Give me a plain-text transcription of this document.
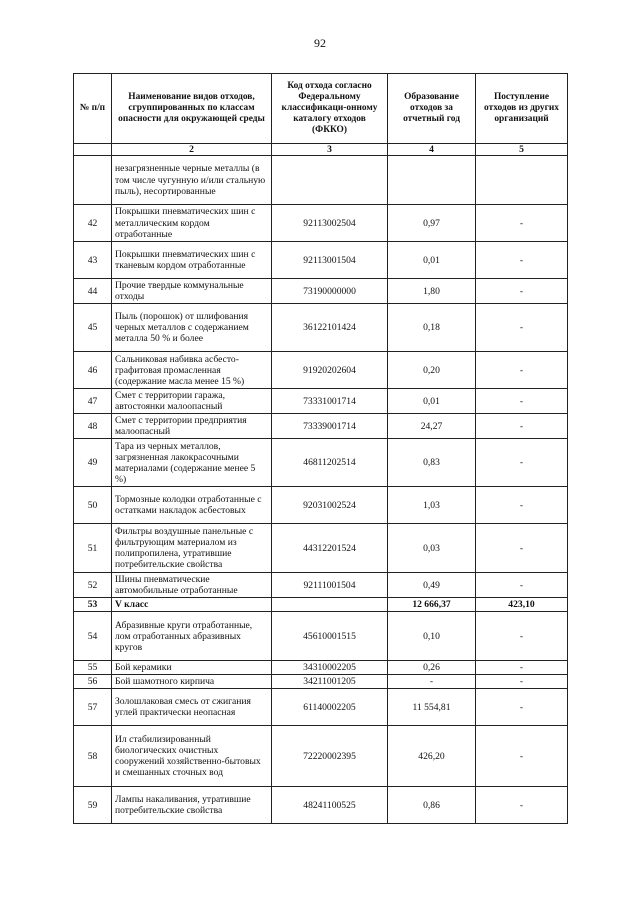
92
№ п/п	Наименование видов отходов, сгруппированных по классам опасности для окружающей среды	Код отхода согласно Федеральному классификаци-онному каталогу отходов (ФККО)	Образование отходов за отчетный год	Поступление отходов из других организаций
	2	3	4	5
	незагрязненные черные металлы (в том числе чугунную и/или стальную пыль), несортированные			
42	Покрышки пневматических шин с металлическим кордом отработанные	92113002504	0,97	-
43	Покрышки пневматических шин с тканевым кордом отработанные	92113001504	0,01	-
44	Прочие твердые коммунальные отходы	73190000000	1,80	-
45	Пыль (порошок) от шлифования черных металлов с содержанием металла 50 % и более	36122101424	0,18	-
46	Сальниковая набивка асбесто-графитовая промасленная (содержание масла менее 15 %)	91920202604	0,20	-
47	Смет с территории гаража, автостоянки малоопасный	73331001714	0,01	-
48	Смет с территории предприятия малоопасный	73339001714	24,27	-
49	Тара из черных металлов, загрязненная лакокрасочными материалами (содержание менее 5 %)	46811202514	0,83	-
50	Тормозные колодки отработанные с остатками накладок асбестовых	92031002524	1,03	-
51	Фильтры воздушные панельные с фильтрующим материалом из полипропилена, утратившие потребительские свойства	44312201524	0,03	-
52	Шины пневматические автомобильные отработанные	92111001504	0,49	-
53	V класс		12 666,37	423,10
54	Абразивные круги отработанные, лом отработанных абразивных кругов	45610001515	0,10	-
55	Бой керамики	34310002205	0,26	-
56	Бой шамотного кирпича	34211001205	-	-
57	Золошлаковая смесь от сжигания углей практически неопасная	61140002205	11 554,81	-
58	Ил стабилизированный биологических очистных сооружений хозяйственно-бытовых и смешанных сточных вод	72220002395	426,20	-
59	Лампы накаливания, утратившие потребительские свойства	48241100525	0,86	-
